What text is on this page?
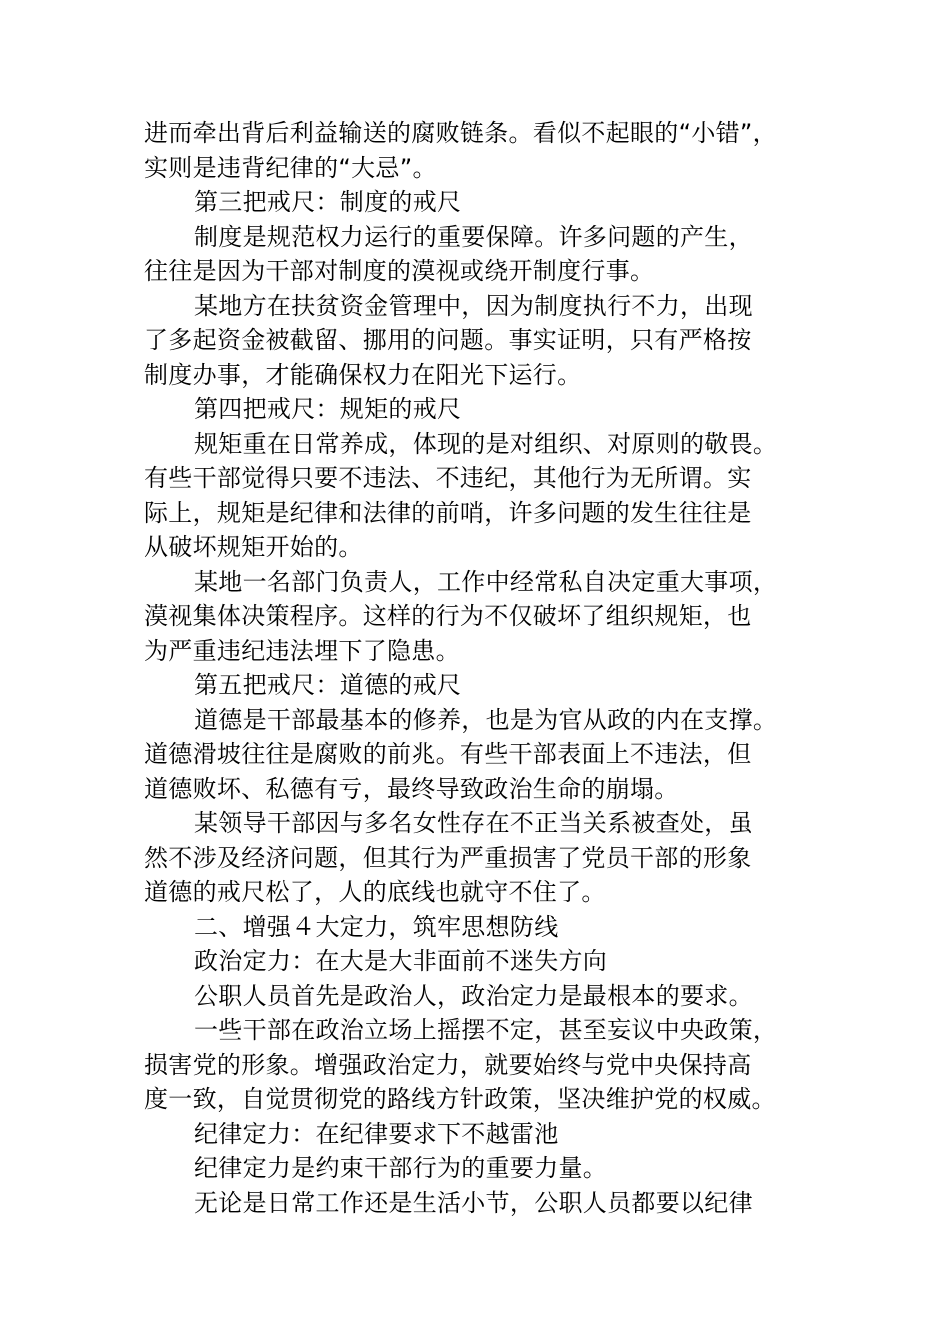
进而牵出背后利益输送的腐败链条。看似不起眼的“小错”，
实则是违背纪律的“大忌”。
第三把戒尺：制度的戒尺
制度是规范权力运行的重要保障。许多问题的产生，
往往是因为干部对制度的漠视或绕开制度行事。
某地方在扶贫资金管理中，因为制度执行不力，出现
了多起资金被截留、挪用的问题。事实证明，只有严格按
制度办事，才能确保权力在阳光下运行。
第四把戒尺：规矩的戒尺
规矩重在日常养成，体现的是对组织、对原则的敬畏。
有些干部觉得只要不违法、不违纪，其他行为无所谓。实
际上，规矩是纪律和法律的前哨，许多问题的发生往往是
从破坏规矩开始的。
某地一名部门负责人，工作中经常私自决定重大事项，
漠视集体决策程序。这样的行为不仅破坏了组织规矩，也
为严重违纪违法埋下了隐患。
第五把戒尺：道德的戒尺
道德是干部最基本的修养，也是为官从政的内在支撑。
道德滑坡往往是腐败的前兆。有些干部表面上不违法，但
道德败坏、私德有亏，最终导致政治生命的崩塌。
某领导干部因与多名女性存在不正当关系被查处，虽
然不涉及经济问题，但其行为严重损害了党员干部的形象
道德的戒尺松了，人的底线也就守不住了。
二、增强４大定力，筑牢思想防线
政治定力：在大是大非面前不迷失方向
公职人员首先是政治人，政治定力是最根本的要求。
一些干部在政治立场上摇摆不定，甚至妄议中央政策，
损害党的形象。增强政治定力，就要始终与党中央保持高
度一致，自觉贯彻党的路线方针政策，坚决维护党的权威。
纪律定力：在纪律要求下不越雷池
纪律定力是约束干部行为的重要力量。
无论是日常工作还是生活小节，公职人员都要以纪律
